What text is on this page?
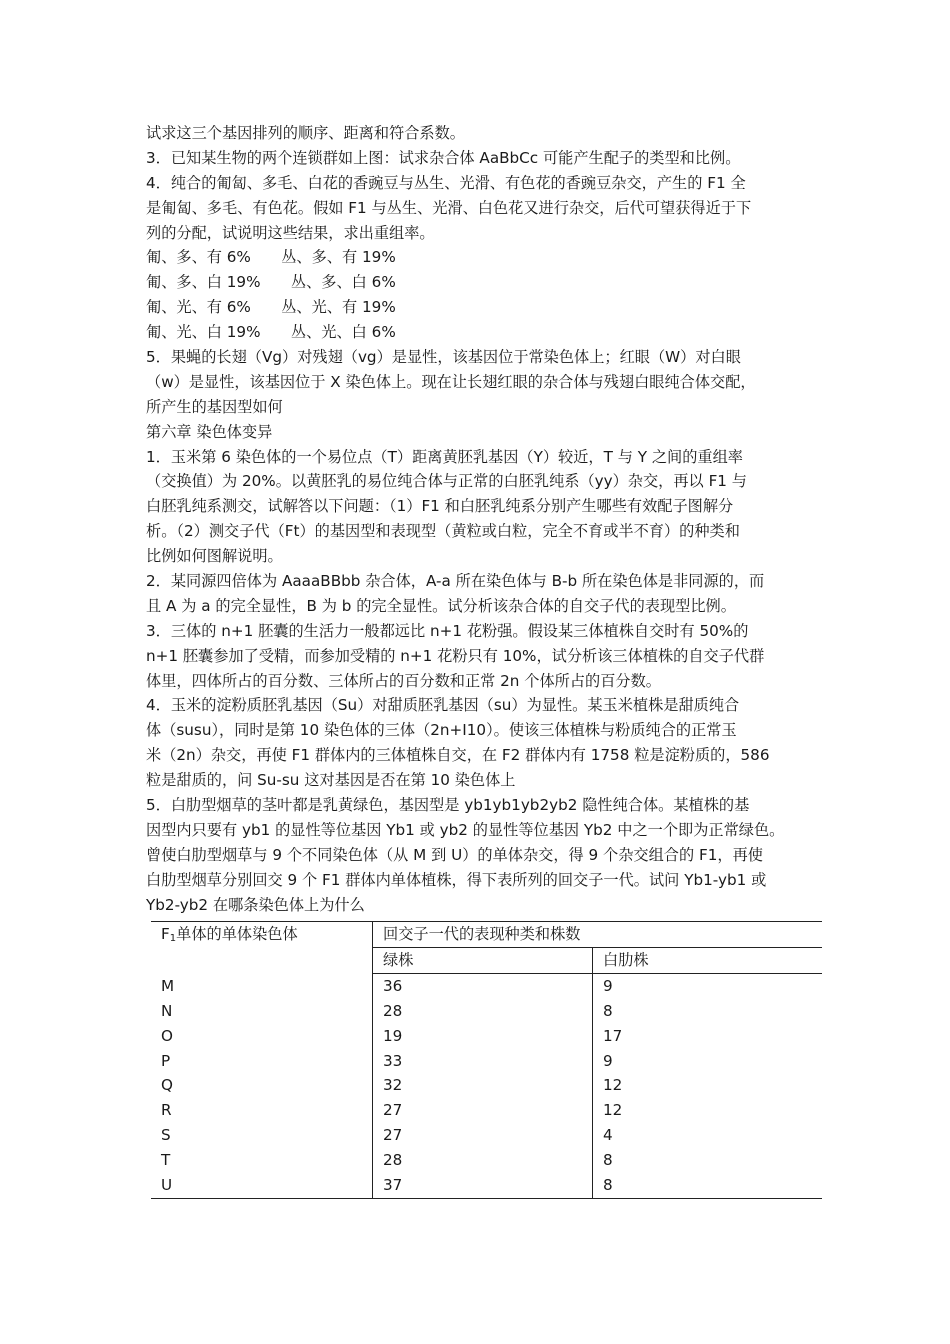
试求这三个基因排列的顺序、距离和符合系数。
3．已知某生物的两个连锁群如上图：试求杂合体 AaBbCc 可能产生配子的类型和比例。
4．纯合的匍匐、多毛、白花的香豌豆与丛生、光滑、有色花的香豌豆杂交，产生的 F1 全
是匍匐、多毛、有色花。假如 F1 与丛生、光滑、白色花又进行杂交，后代可望获得近于下
列的分配，试说明这些结果，求出重组率。
匍、多、有 6%　　丛、多、有 19%
匍、多、白 19%　　丛、多、白 6%
匍、光、有 6%　　丛、光、有 19%
匍、光、白 19%　　丛、光、白 6%
5．果蝇的长翅（Vg）对残翅（vg）是显性，该基因位于常染色体上；红眼（W）对白眼
（w）是显性，该基因位于 X 染色体上。现在让长翅红眼的杂合体与残翅白眼纯合体交配，
所产生的基因型如何
第六章 染色体变异
1．玉米第 6 染色体的一个易位点（T）距离黄胚乳基因（Y）较近，T 与 Y 之间的重组率
（交换值）为 20%。以黄胚乳的易位纯合体与正常的白胚乳纯系（yy）杂交，再以 F1 与
白胚乳纯系测交，试解答以下问题：（1）F1 和白胚乳纯系分别产生哪些有效配子图解分
析。（2）测交子代（Ft）的基因型和表现型（黄粒或白粒，完全不育或半不育）的种类和
比例如何图解说明。
2．某同源四倍体为 AaaaBBbb 杂合体，A-a 所在染色体与 B-b 所在染色体是非同源的，而
且 A 为 a 的完全显性，B 为 b 的完全显性。试分析该杂合体的自交子代的表现型比例。
3．三体的 n+1 胚囊的生活力一般都远比 n+1 花粉强。假设某三体植株自交时有 50%的
n+1 胚囊参加了受精，而参加受精的 n+1 花粉只有 10%，试分析该三体植株的自交子代群
体里，四体所占的百分数、三体所占的百分数和正常 2n 个体所占的百分数。
4．玉米的淀粉质胚乳基因（Su）对甜质胚乳基因（su）为显性。某玉米植株是甜质纯合
体（susu），同时是第 10 染色体的三体（2n+I10）。使该三体植株与粉质纯合的正常玉
米（2n）杂交，再使 F1 群体内的三体植株自交，在 F2 群体内有 1758 粒是淀粉质的，586
粒是甜质的，问 Su-su 这对基因是否在第 10 染色体上
5．白肋型烟草的茎叶都是乳黄绿色，基因型是 yb1yb1yb2yb2 隐性纯合体。某植株的基
因型内只要有 yb1 的显性等位基因 Yb1 或 yb2 的显性等位基因 Yb2 中之一个即为正常绿色。
曾使白肋型烟草与 9 个不同染色体（从 M 到 U）的单体杂交，得 9 个杂交组合的 F1，再使
白肋型烟草分别回交 9 个 F1 群体内单体植株，得下表所列的回交子一代。试问 Yb1-yb1 或
Yb2-yb2 在哪条染色体上为什么
$F_1$单体的单体染色体	回交子一代的表现种类和株数	
	绿株	白肋株
M	36	9
N	28	8
O	19	17
P	33	9
Q	32	12
R	27	12
S	27	4
T	28	8
U	37	8
